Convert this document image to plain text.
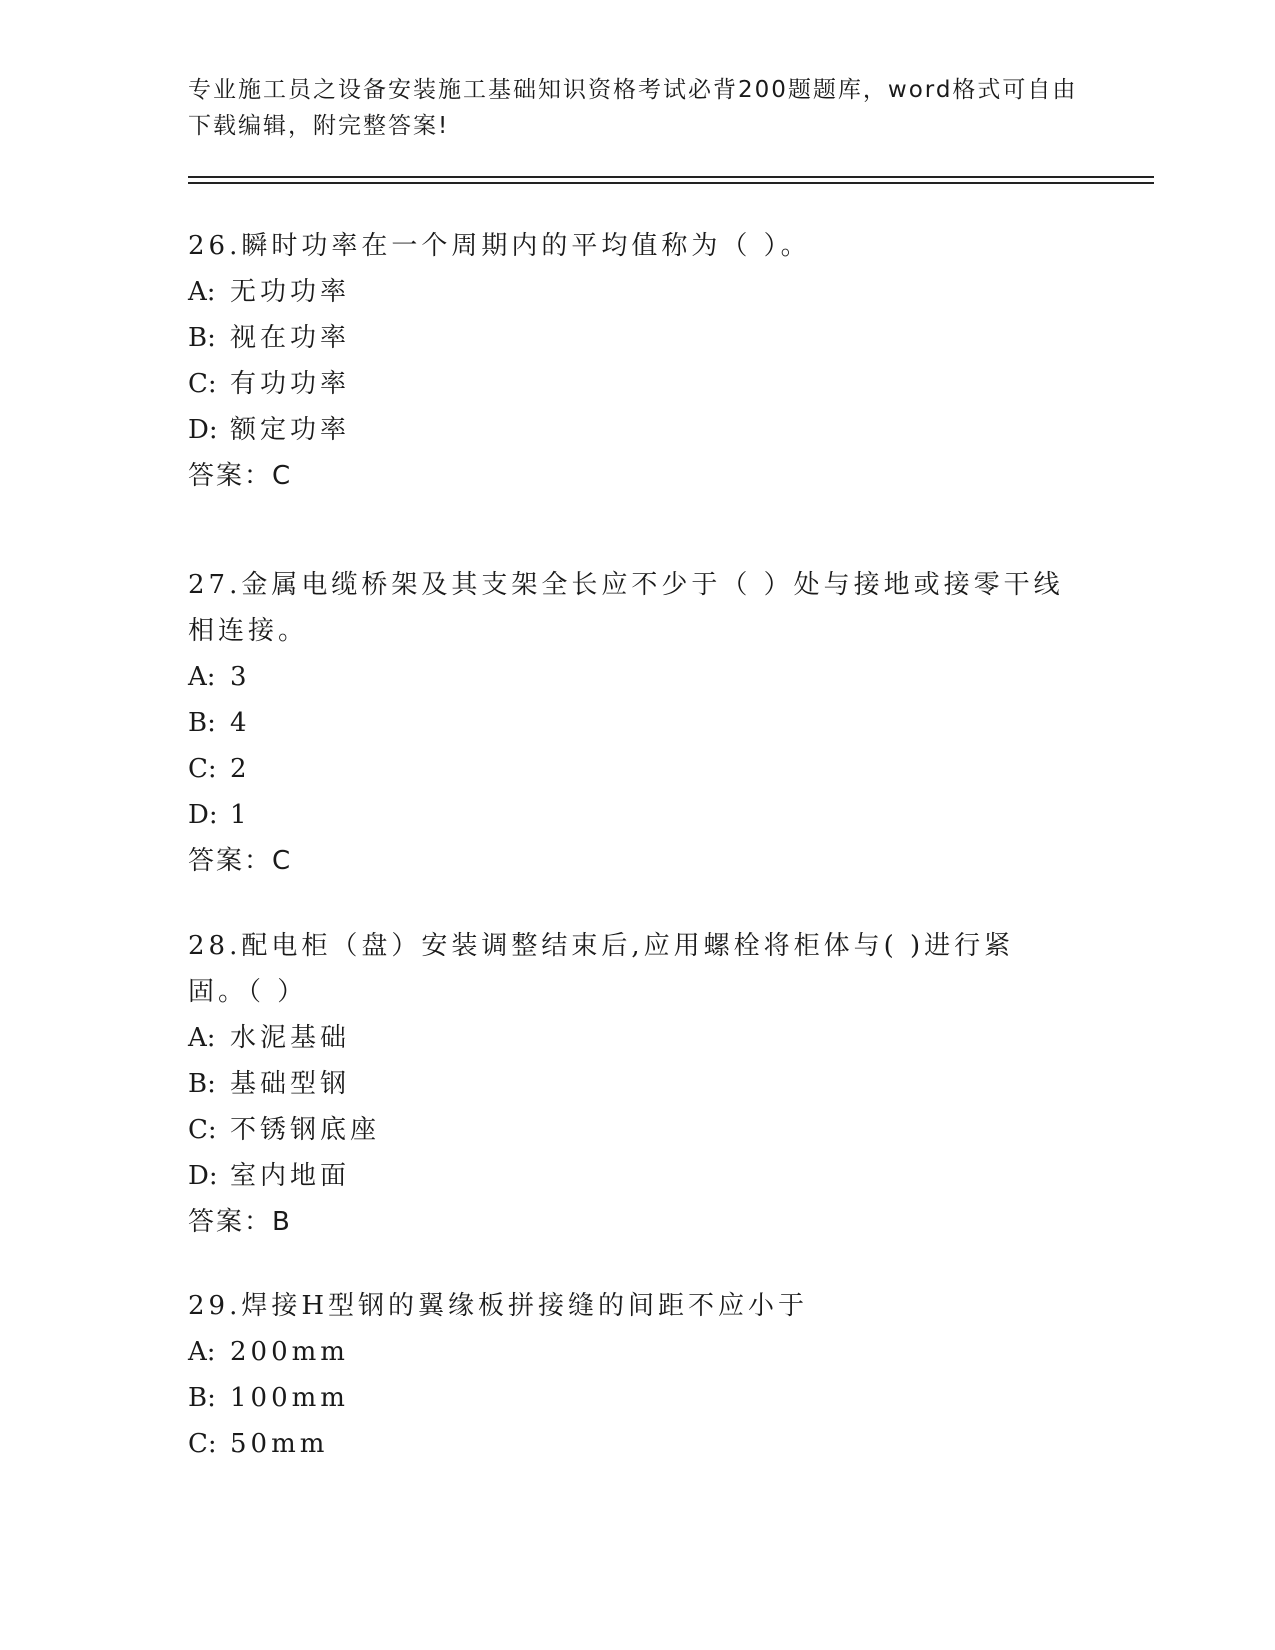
专业施工员之设备安装施工基础知识资格考试必背200题题库，word格式可自由下载编辑，附完整答案!
26.瞬时功率在一个周期内的平均值称为（ ）。
A: 无功功率
B: 视在功率
C: 有功功率
D: 额定功率
答案：C
27.金属电缆桥架及其支架全长应不少于（ ）处与接地或接零干线相连接。
A: 3
B: 4
C: 2
D: 1
答案：C
28.配电柜（盘）安装调整结束后,应用螺栓将柜体与( )进行紧固。（ ）
A: 水泥基础
B: 基础型钢
C: 不锈钢底座
D: 室内地面
答案：B
29.焊接H型钢的翼缘板拼接缝的间距不应小于
A: 200mm
B: 100mm
C: 50mm
